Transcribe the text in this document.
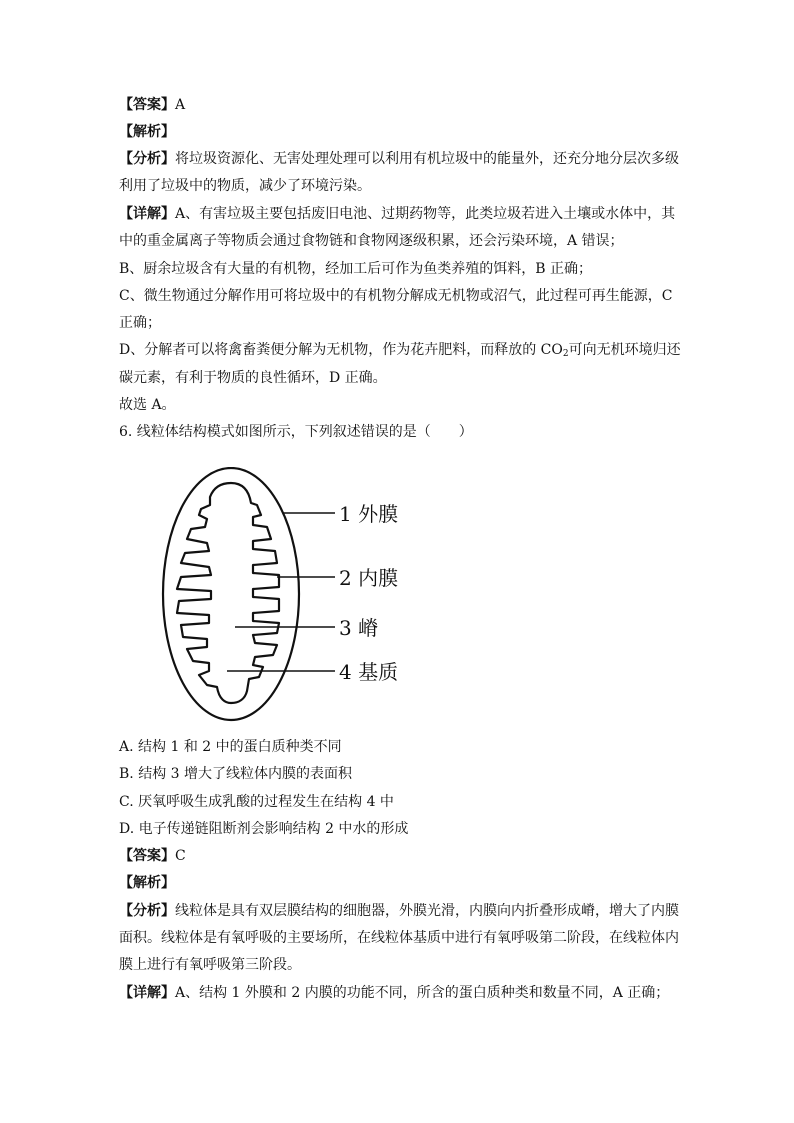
【答案】A
【解析】
【分析】将垃圾资源化、无害处理处理可以利用有机垃圾中的能量外，还充分地分层次多级
利用了垃圾中的物质，减少了环境污染。
【详解】A、有害垃圾主要包括废旧电池、过期药物等，此类垃圾若进入土壤或水体中，其
中的重金属离子等物质会通过食物链和食物网逐级积累，还会污染环境，A 错误；
B、厨余垃圾含有大量的有机物，经加工后可作为鱼类养殖的饵料，B 正确；
C、微生物通过分解作用可将垃圾中的有机物分解成无机物或沼气，此过程可再生能源，C
正确；
D、分解者可以将禽畜粪便分解为无机物，作为花卉肥料，而释放的 $CO_2$可向无机环境归还
碳元素，有利于物质的良性循环，D 正确。
故选 A。
6. 线粒体结构模式如图所示，下列叙述错误的是（　　）
1 外膜
2 内膜
3 嵴
4 基质
A. 结构 1 和 2 中的蛋白质种类不同
B. 结构 3 增大了线粒体内膜的表面积
C. 厌氧呼吸生成乳酸的过程发生在结构 4 中
D. 电子传递链阻断剂会影响结构 2 中水的形成
【答案】C
【解析】
【分析】线粒体是具有双层膜结构的细胞器，外膜光滑，内膜向内折叠形成嵴，增大了内膜
面积。线粒体是有氧呼吸的主要场所，在线粒体基质中进行有氧呼吸第二阶段，在线粒体内
膜上进行有氧呼吸第三阶段。
【详解】A、结构 1 外膜和 2 内膜的功能不同，所含的蛋白质种类和数量不同，A 正确；
